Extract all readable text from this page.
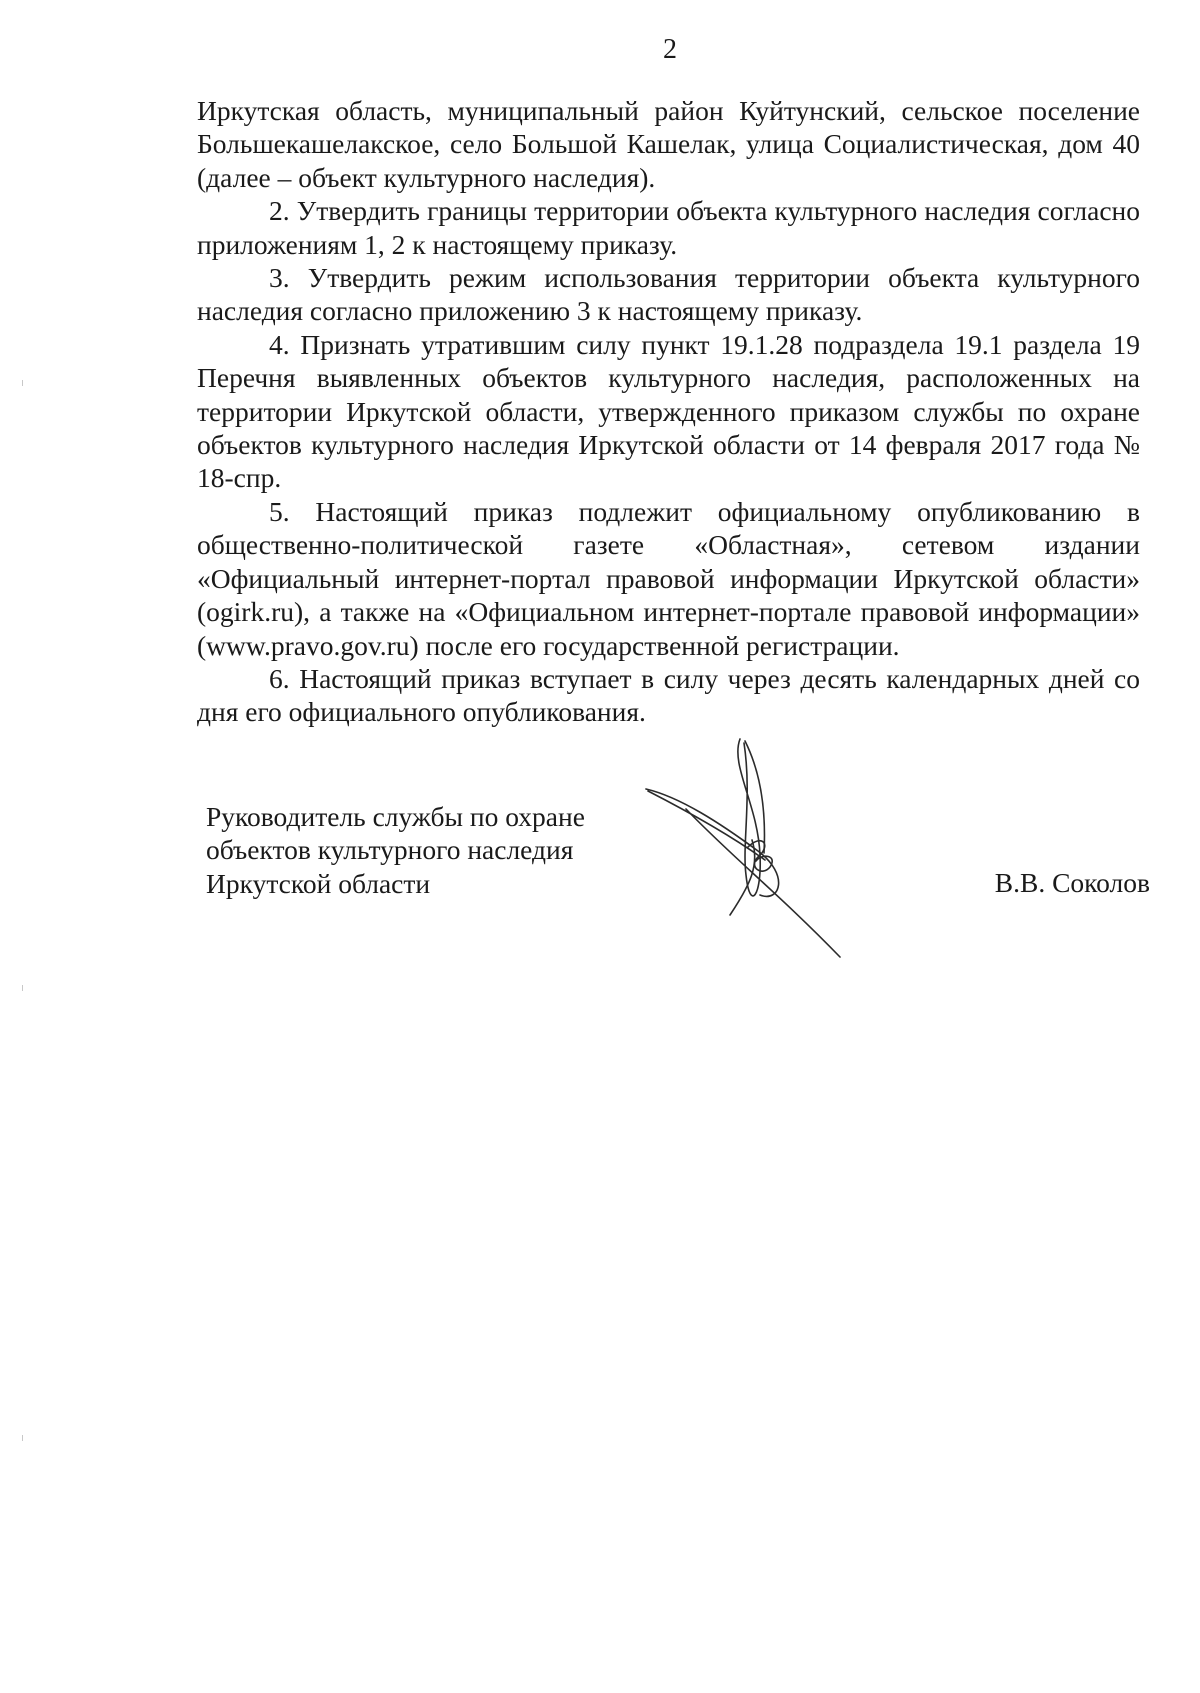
2

Иркутская область, муниципальный район Куйтунский, сельское поселение Большекашелакское, село Большой Кашелак, улица Социалистическая, дом 40 (далее – объект культурного наследия).

2. Утвердить границы территории объекта культурного наследия согласно приложениям 1, 2 к настоящему приказу.

3. Утвердить режим использования территории объекта культурного наследия согласно приложению 3 к настоящему приказу.

4. Признать утратившим силу пункт 19.1.28 подраздела 19.1 раздела 19 Перечня выявленных объектов культурного наследия, расположенных на территории Иркутской области, утвержденного приказом службы по охране объектов культурного наследия Иркутской области от 14 февраля 2017 года № 18-спр.

5. Настоящий приказ подлежит официальному опубликованию в общественно-политической газете «Областная», сетевом издании «Официальный интернет-портал правовой информации Иркутской области» (ogirk.ru), а также на «Официальном интернет-портале правовой информации» (www.pravo.gov.ru) после его государственной регистрации.

6. Настоящий приказ вступает в силу через десять календарных дней со дня его официального опубликования.

Руководитель службы по охране
объектов культурного наследия
Иркутской области	В.В. Соколов
